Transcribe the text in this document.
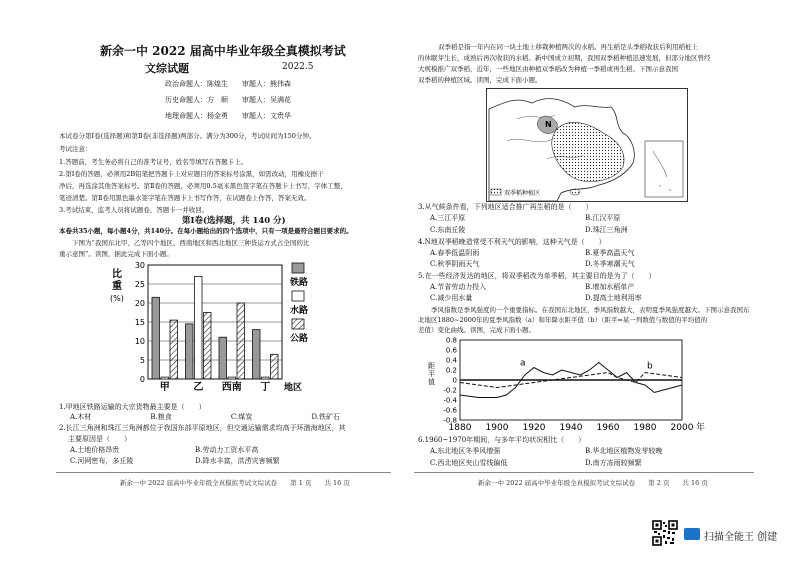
新余一中 2022 届高中毕业年级全真模拟考试
文综试题	2022.5
政治命题人：陈煌生 审题人：熊伟森
历史命题人：方　顺 审题人：吴满花
地理命题人：杨金勇 审题人：文贵华
本试卷分第Ⅰ卷(选择题)和第Ⅱ卷(非选择题)两部分。满分为300分，考试时间为150分钟。
考试注意：
1.答题前，考生务必将自己的准考证号，姓名等填写在答题卡上。
2.第Ⅰ卷的答题，必须用2B铅笔把答题卡上对应题目的答案标号涂黑，如需改动，用橡皮擦干
净后，再选涂其他答案标号。第Ⅱ卷的答题，必须用0.5毫米黑色签字笔在答题卡上书写，字体工整，
笔迹清楚。第Ⅱ卷用黑色墨水签字笔在答题卡上书写作答，在试题卷上作答，答案无效。
3.考试结束，监考人员将试题卷、答题卡一并收回。
第Ⅰ卷(选择题，共 140 分)
本卷共35小题，每小题4分，共140分。在每小题给出的四个选项中，只有一项是最符合题目要求的。
下图为“我国东北甲、乙等四个地区、西南地区和西北地区三种货运方式占全国的比
重示意图”。读图，据此完成下面小题。
0
5
10
15
20
25
30
比
重
(%)
甲 乙 西南 丁 地区
铁路
水路
公路
1.甲地区铁路运输的大宗货物最主要是（　　）
A.木材	B.粮食	C.煤炭	D.铁矿石
2.长江三角洲和珠江三角洲都位于我国东部平原地区，但交通运输需求均高于环渤海地区，其
主要原因是（　　）
A.土地价格昂贵	B.劳动力工资水平高
C.河网密布，多丘陵	D.降水丰富，洪涝灾害频繁
新余一中 2022 届高中毕业年级全真模拟考试文综试卷　　第 1 页　　共 16 页
　　双季稻是指一年内在同一块土地上移栽种植两次的水稻。再生稻是头季稻收获后利用稻桩上
的休眠芽生长，成熟后再次收获的水稻。新中国成立初期，我国双季稻种植迅速发展，但部分地区曾经
大规模推广双季稻，近年，一些地区由种植双季稻改为种植一季稻或再生稻。下图示意我国
双季稻的种植区域。读图，完成下面小题。
N
双季稻种植区
3.从气候条件看，下列地区适合推广再生稻的是（　　）
A.三江平原	B.江汉平原
C.东南丘陵	D.珠江三角洲
4.N地双季稻晚造常受不利天气的影响，这种天气是（　　）
A.春季低温阴雨	B.夏季高温天气
C.秋季阴雨天气	D.冬季寒潮天气
5.在一些经济发达的地区，将双季稻改为单季稻，其主要目的是为了（　　）
A.节省劳动力投入	B.增加水稻单产
C.减少用水量	D.提高土地利用率
　　季风指数是季风强度的一个重要指标。在我国东北地区，季风指数越大，表明夏季风强度越大。下图示意我国东
北地区1880~2000年的夏季风指数（a）和年降水距平值（b）（距平=某一列数值与数值的平均值的
差值）变化曲线。读图，完成下面小题。
-0.8
-0.6
-0.4
-0.2
0
0.2
0.4
0.6
0.8
1880 1900 1920 1940 1960 1980 2000 年
距
平
值
a	b
6.1960~1970年期间，与多年平均状况相比（　　）
A.东北地区冬季风增强	B.华北地区植物发芽较晚
C.西北地区夹山雪线偏低	D.南方冻雨较频繁
新余一中 2022 届高中毕业年级全真模拟考试文综试卷　　第 2 页　　共 16 页
扫描全能王 创建
